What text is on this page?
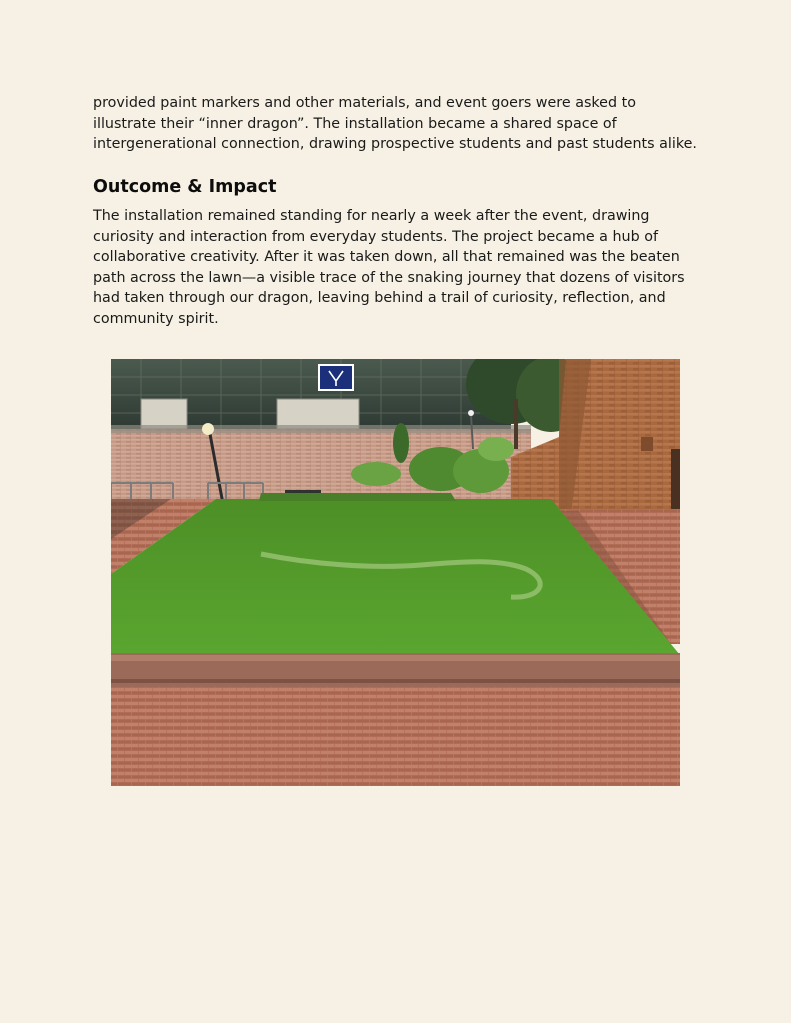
provided paint markers and other materials, and event goers were asked to illustrate their “inner dragon”. The installation became a shared space of intergenerational connection, drawing prospective students and past students alike.

Outcome & Impact

The installation remained standing for nearly a week after the event, drawing curiosity and interaction from everyday students. The project became a hub of collaborative creativity. After it was taken down, all that remained was the beaten path across the lawn—a visible trace of the snaking journey that dozens of visitors had taken through our dragon, leaving behind a trail of curiosity, reflection, and community spirit.
